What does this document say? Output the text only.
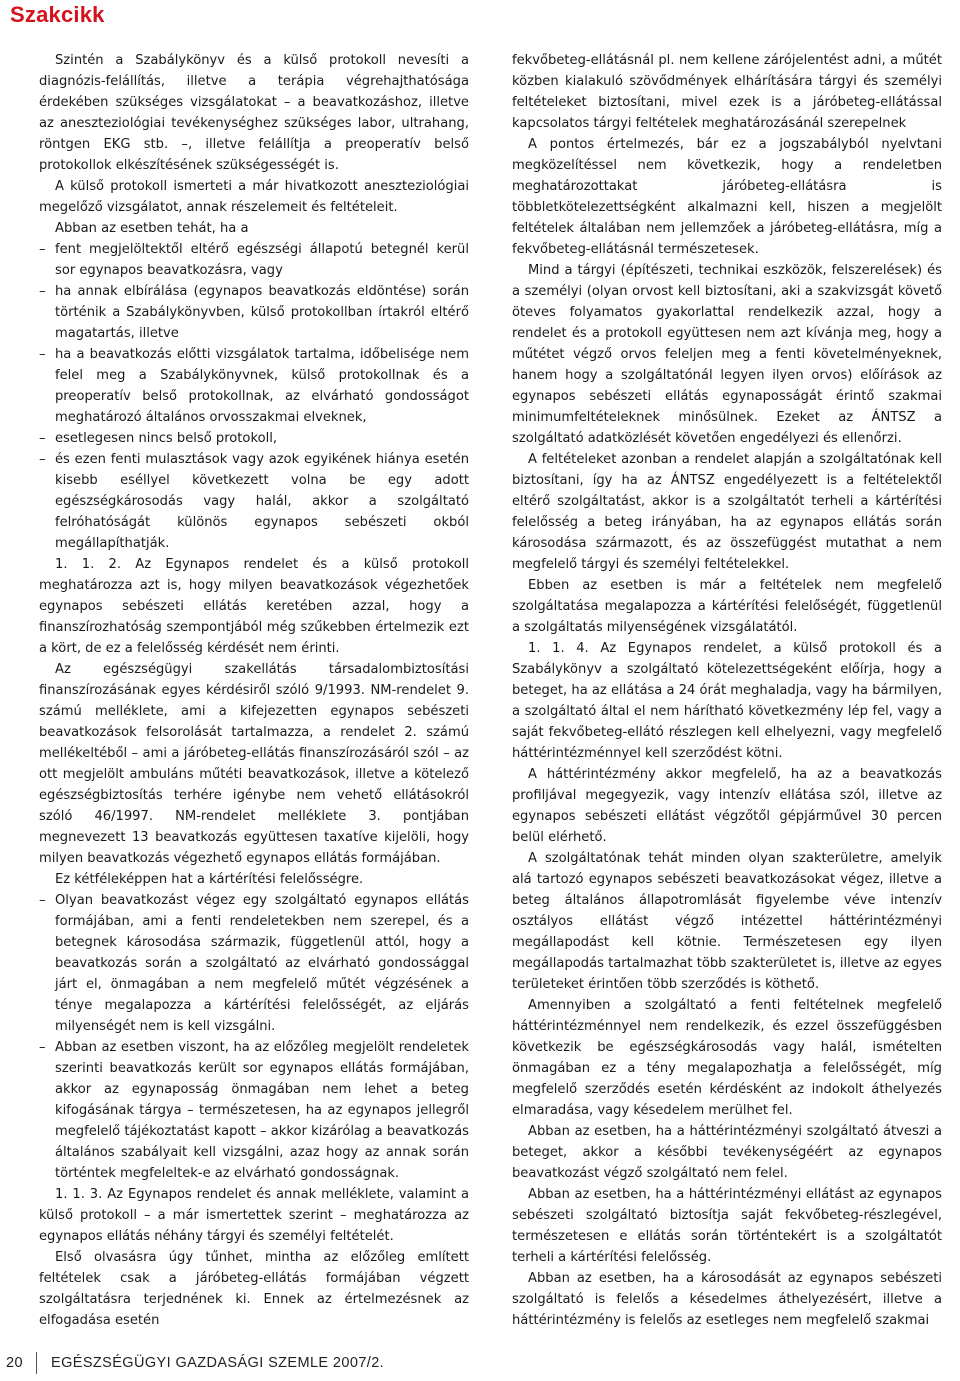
Szakcikk

Szintén a Szabálykönyv és a külső protokoll nevesíti a diagnózis-felállítás, illetve a terápia végrehajthatósága érdekében szükséges vizsgálatokat – a beavatkozáshoz, illetve az aneszteziológiai tevékenységhez szükséges labor, ultrahang, röntgen EKG stb. –, illetve felállítja a preoperatív belső protokollok elkészítésének szükségességét is.

A külső protokoll ismerteti a már hivatkozott aneszteziológiai megelőző vizsgálatot, annak részelemeit és feltételeit.

Abban az esetben tehát, ha a

– fent megjelöltektől eltérő egészségi állapotú betegnél kerül sor egynapos beavatkozásra, vagy

– ha annak elbírálása (egynapos beavatkozás eldöntése) során történik a Szabálykönyvben, külső protokollban írtakról eltérő magatartás, illetve

– ha a beavatkozás előtti vizsgálatok tartalma, időbelisége nem felel meg a Szabálykönyvnek, külső protokollnak és a preoperatív belső protokollnak, az elvárható gondosságot meghatározó általános orvosszakmai elveknek,

– esetlegesen nincs belső protokoll,

– és ezen fenti mulasztások vagy azok egyikének hiánya esetén kisebb eséllyel következett volna be egy adott egészségkárosodás vagy halál, akkor a szolgáltató felróhatóságát különös egynapos sebészeti okból megállapíthatják.

1. 1. 2. Az Egynapos rendelet és a külső protokoll meghatározza azt is, hogy milyen beavatkozások végezhetőek egynapos sebészeti ellátás keretében azzal, hogy a finanszírozhatóság szempontjából még szűkebben értelmezik ezt a kört, de ez a felelősség kérdését nem érinti.

Az egészségügyi szakellátás társadalombiztosítási finanszírozásának egyes kérdésiről szóló 9/1993. NM-rendelet 9. számú melléklete, ami a kifejezetten egynapos sebészeti beavatkozások felsorolását tartalmazza, a rendelet 2. számú mellékeltéből – ami a járóbeteg-ellátás finanszírozásáról szól – az ott megjelölt ambuláns műtéti beavatkozások, illetve a kötelező egészségbiztosítás terhére igénybe nem vehető ellátásokról szóló 46/1997. NM-rendelet melléklete 3. pontjában megnevezett 13 beavatkozás együttesen taxatíve kijelöli, hogy milyen beavatkozás végezhető egynapos ellátás formájában.

Ez kétféleképpen hat a kártérítési felelősségre.

– Olyan beavatkozást végez egy szolgáltató egynapos ellátás formájában, ami a fenti rendeletekben nem szerepel, és a betegnek károsodása származik, függetlenül attól, hogy a beavatkozás során a szolgáltató az elvárható gondossággal járt el, önmagában a nem megfelelő műtét végzésének a ténye megalapozza a kártérítési felelősségét, az eljárás milyenségét nem is kell vizsgálni.

– Abban az esetben viszont, ha az előzőleg megjelölt rendeletek szerinti beavatkozás került sor egynapos ellátás formájában, akkor az egynaposság önmagában nem lehet a beteg kifogásának tárgya – természetesen, ha az egynapos jellegről megfelelő tájékoztatást kapott – akkor kizárólag a beavatkozás általános szabályait kell vizsgálni, azaz hogy az annak során történtek megfeleltek-e az elvárható gondosságnak.

1. 1. 3. Az Egynapos rendelet és annak melléklete, valamint a külső protokoll – a már ismertettek szerint – meghatározza az egynapos ellátás néhány tárgyi és személyi feltételét.

Első olvasásra úgy tűnhet, mintha az előzőleg említett feltételek csak a járóbeteg-ellátás formájában végzett szolgáltatásra terjednének ki. Ennek az értelmezésnek az elfogadása esetén

fekvőbeteg-ellátásnál pl. nem kellene zárójelentést adni, a műtét közben kialakuló szövődmények elhárítására tárgyi és személyi feltételeket biztosítani, mivel ezek is a járóbeteg-ellátással kapcsolatos tárgyi feltételek meghatározásánál szerepelnek

A pontos értelmezés, bár ez a jogszabályból nyelvtani megközelítéssel nem következik, hogy a rendeletben meghatározottakat járóbeteg-ellátásra is többletkötelezettségként alkalmazni kell, hiszen a megjelölt feltételek általában nem jellemzőek a járóbeteg-ellátásra, míg a fekvőbeteg-ellátásnál természetesek.

Mind a tárgyi (építészeti, technikai eszközök, felszerelések) és a személyi (olyan orvost kell biztosítani, aki a szakvizsgát követő öteves folyamatos gyakorlattal rendelkezik azzal, hogy a rendelet és a protokoll együttesen nem azt kívánja meg, hogy a műtétet végző orvos feleljen meg a fenti követelményeknek, hanem hogy a szolgáltatónál legyen ilyen orvos) előírások az egynapos sebészeti ellátás egynaposságát érintő szakmai minimumfeltételeknek minősülnek. Ezeket az ÁNTSZ a szolgáltató adatközlését követően engedélyezi és ellenőrzi.

A feltételeket azonban a rendelet alapján a szolgáltatónak kell biztosítani, így ha az ÁNTSZ engedélyezett is a feltételektől eltérő szolgáltatást, akkor is a szolgáltatót terheli a kártérítési felelősség a beteg irányában, ha az egynapos ellátás során károsodása származott, és az összefüggést mutathat a nem megfelelő tárgyi és személyi feltételekkel.

Ebben az esetben is már a feltételek nem megfelelő szolgáltatása megalapozza a kártérítési felelőségét, függetlenül a szolgáltatás milyenségének vizsgálatától.

1. 1. 4. Az Egynapos rendelet, a külső protokoll és a Szabálykönyv a szolgáltató kötelezettségeként előírja, hogy a beteget, ha az ellátása a 24 órát meghaladja, vagy ha bármilyen, a szolgáltató által el nem hárítható következmény lép fel, vagy a saját fekvőbeteg-ellátó részlegen kell elhelyezni, vagy megfelelő háttérintézménnyel kell szerződést kötni.

A háttérintézmény akkor megfelelő, ha az a beavatkozás profiljával megegyezik, vagy intenzív ellátása szól, illetve az egynapos sebészeti ellátást végzőtől gépjárművel 30 percen belül elérhető.

A szolgáltatónak tehát minden olyan szakterületre, amelyik alá tartozó egynapos sebészeti beavatkozásokat végez, illetve a beteg általános állapotromlását figyelembe véve intenzív osztályos ellátást végző intézettel háttérintézményi megállapodást kell kötnie. Természetesen egy ilyen megállapodás tartalmazhat több szakterületet is, illetve az egyes területeket érintően több szerződés is köthető.

Amennyiben a szolgáltató a fenti feltételnek megfelelő háttérintézménnyel nem rendelkezik, és ezzel összefüggésben következik be egészségkárosodás vagy halál, ismételten önmagában ez a tény megalapozhatja a felelősségét, míg megfelelő szerződés esetén kérdésként az indokolt áthelyezés elmaradása, vagy késedelem merülhet fel.

Abban az esetben, ha a háttérintézményi szolgáltató átveszi a beteget, akkor a későbbi tevékenységéért az egynapos beavatkozást végző szolgáltató nem felel.

Abban az esetben, ha a háttérintézményi ellátást az egynapos sebészeti szolgáltató biztosítja saját fekvőbeteg-részlegével, természetesen e ellátás során történtekért is a szolgáltatót terheli a kártérítési felelősség.

Abban az esetben, ha a károsodását az egynapos sebészeti szolgáltató is felelős a késedelmes áthelyezésért, illetve a háttérintézmény is felelős az esetleges nem megfelelő szakmai

20	EGÉSZSÉGÜGYI GAZDASÁGI SZEMLE 2007/2.
